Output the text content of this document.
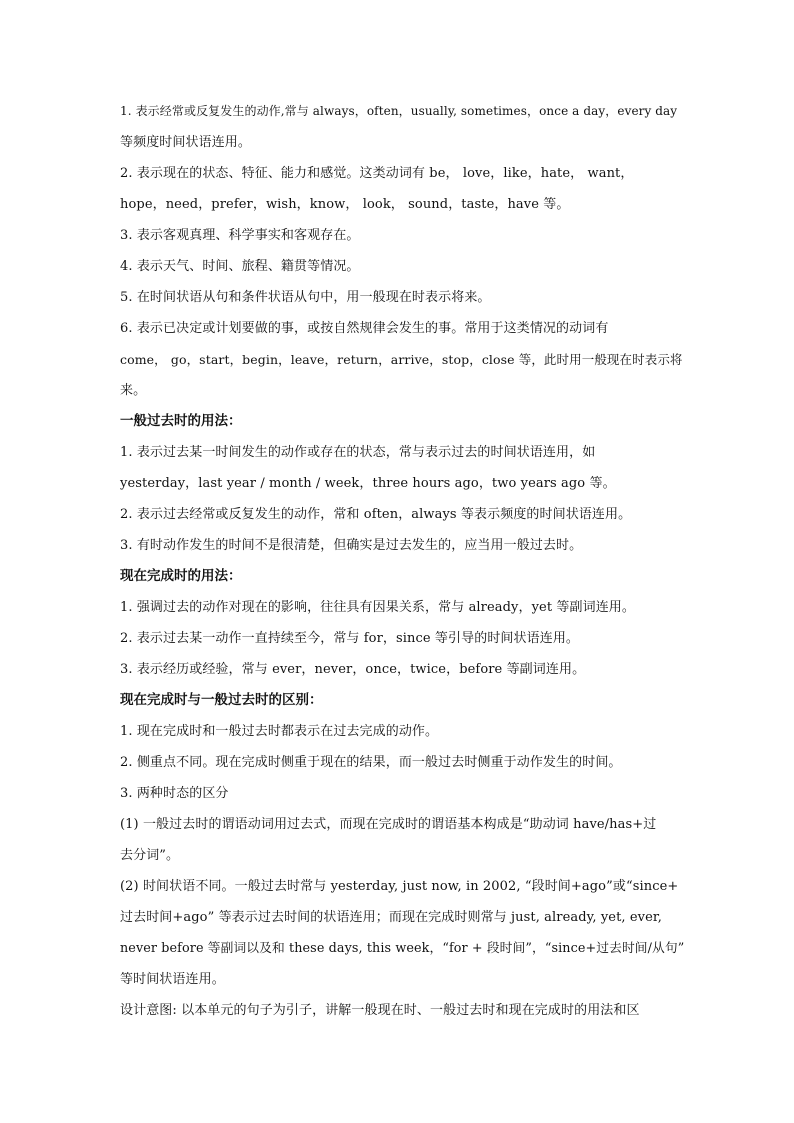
1. 表示经常或反复发生的动作,常与 always，often，usually, sometimes，once a day，every day
等频度时间状语连用。
2. 表示现在的状态、特征、能力和感觉。这类动词有 be， love，like，hate， want，
hope，need，prefer，wish，know， look， sound，taste，have 等。
3. 表示客观真理、科学事实和客观存在。
4. 表示天气、时间、旅程、籍贯等情况。
5. 在时间状语从句和条件状语从句中，用一般现在时表示将来。
6. 表示已决定或计划要做的事，或按自然规律会发生的事。常用于这类情况的动词有
come， go，start，begin，leave，return，arrive，stop，close 等，此时用一般现在时表示将
来。
一般过去时的用法：
1. 表示过去某一时间发生的动作或存在的状态，常与表示过去的时间状语连用，如
yesterday，last year / month / week，three hours ago，two years ago 等。
2. 表示过去经常或反复发生的动作，常和 often，always 等表示频度的时间状语连用。
3. 有时动作发生的时间不是很清楚，但确实是过去发生的，应当用一般过去时。
现在完成时的用法：
1. 强调过去的动作对现在的影响，往往具有因果关系，常与 already，yet 等副词连用。
2. 表示过去某一动作一直持续至今，常与 for，since 等引导的时间状语连用。
3. 表示经历或经验，常与 ever，never，once，twice，before 等副词连用。
现在完成时与一般过去时的区别：
1. 现在完成时和一般过去时都表示在过去完成的动作。
2. 侧重点不同。现在完成时侧重于现在的结果，而一般过去时侧重于动作发生的时间。
3. 两种时态的区分
(1) 一般过去时的谓语动词用过去式，而现在完成时的谓语基本构成是“助动词 have/has+过
去分词”。
(2) 时间状语不同。一般过去时常与 yesterday, just now, in 2002, “段时间+ago”或“since+
过去时间+ago” 等表示过去时间的状语连用；而现在完成时则常与 just, already, yet, ever,
never before 等副词以及和 these days, this week，“for + 段时间”，“since+过去时间/从句”
等时间状语连用。
设计意图: 以本单元的句子为引子，讲解一般现在时、一般过去时和现在完成时的用法和区
